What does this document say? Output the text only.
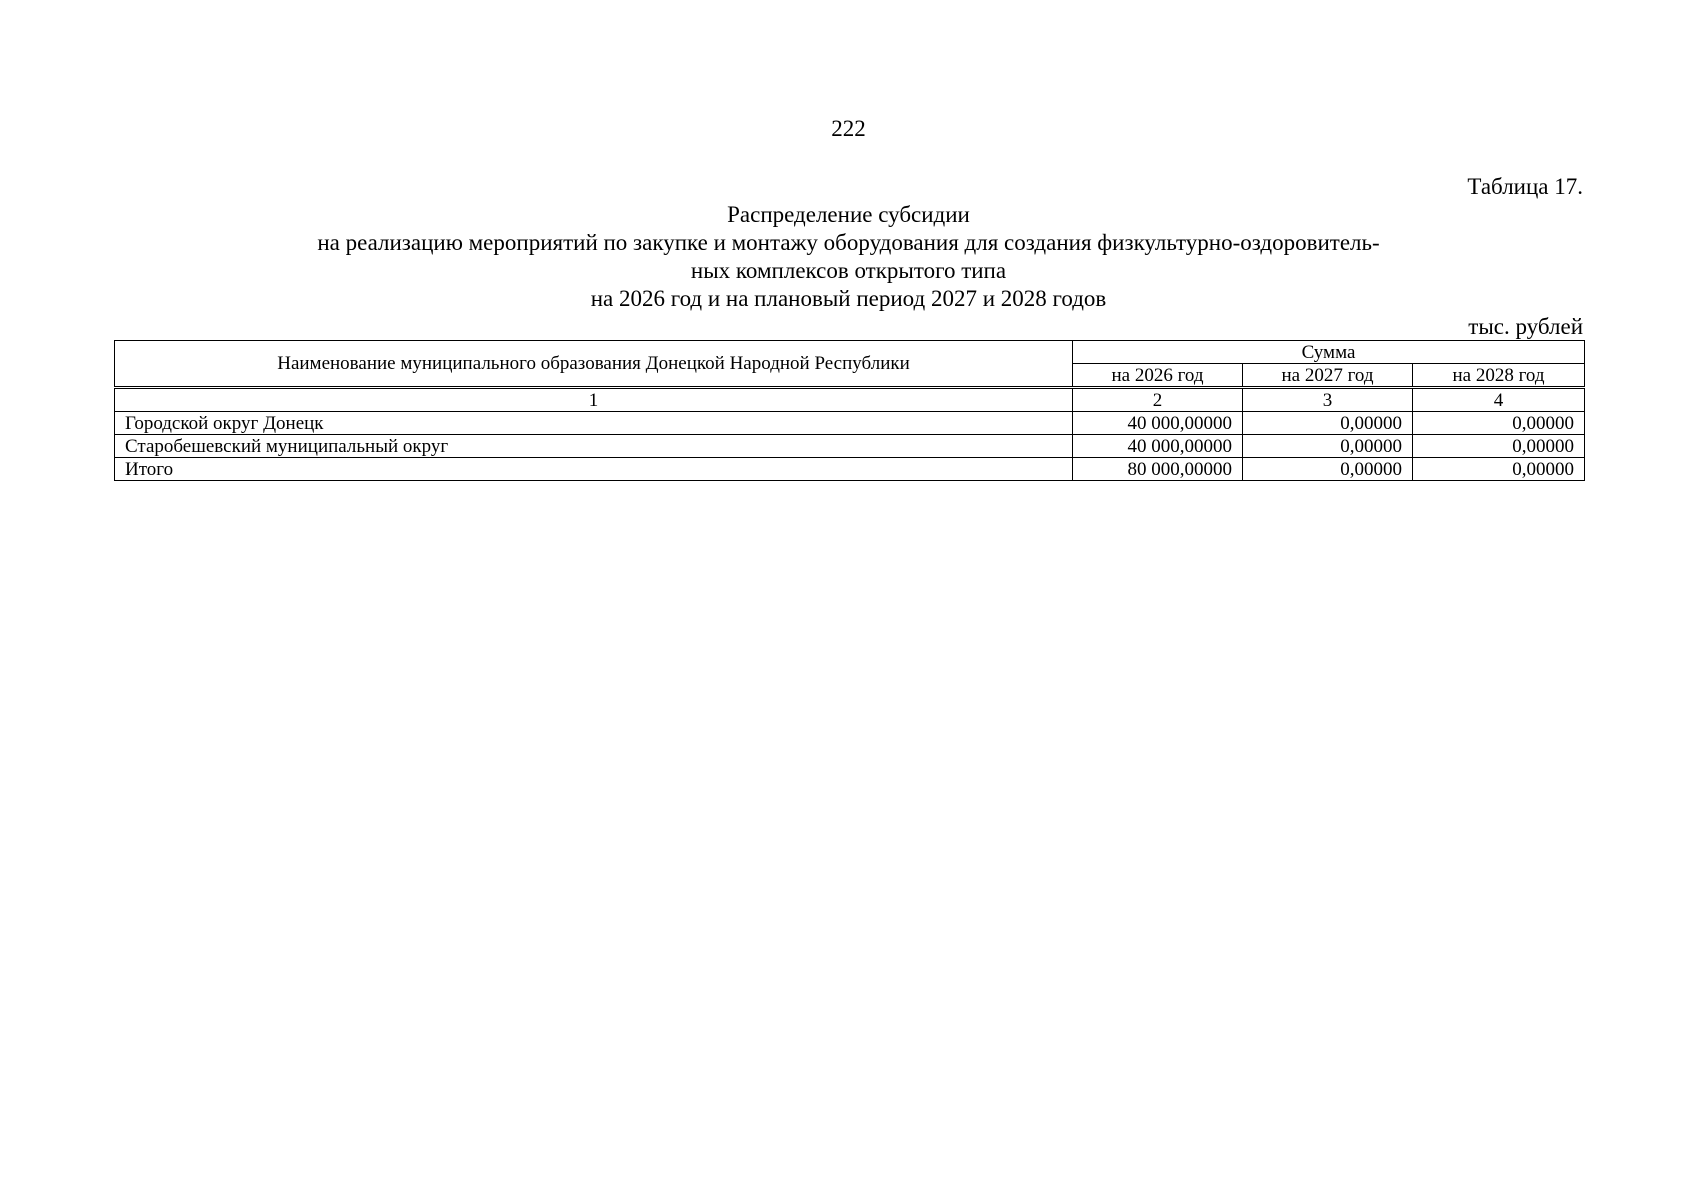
222
Таблица 17.
Распределение субсидии
на реализацию мероприятий по закупке и монтажу оборудования для создания физкультурно-оздоровитель-
ных комплексов открытого типа
на 2026 год и на плановый период 2027 и 2028 годов
тыс. рублей
Наименование муниципального образования Донецкой Народной Республики	Сумма		
	на 2026 год	на 2027 год	на 2028 год

1	2	3	4
Городской округ Донецк	40 000,00000	0,00000	0,00000
Старобешевский муниципальный округ	40 000,00000	0,00000	0,00000
Итого	80 000,00000	0,00000	0,00000
